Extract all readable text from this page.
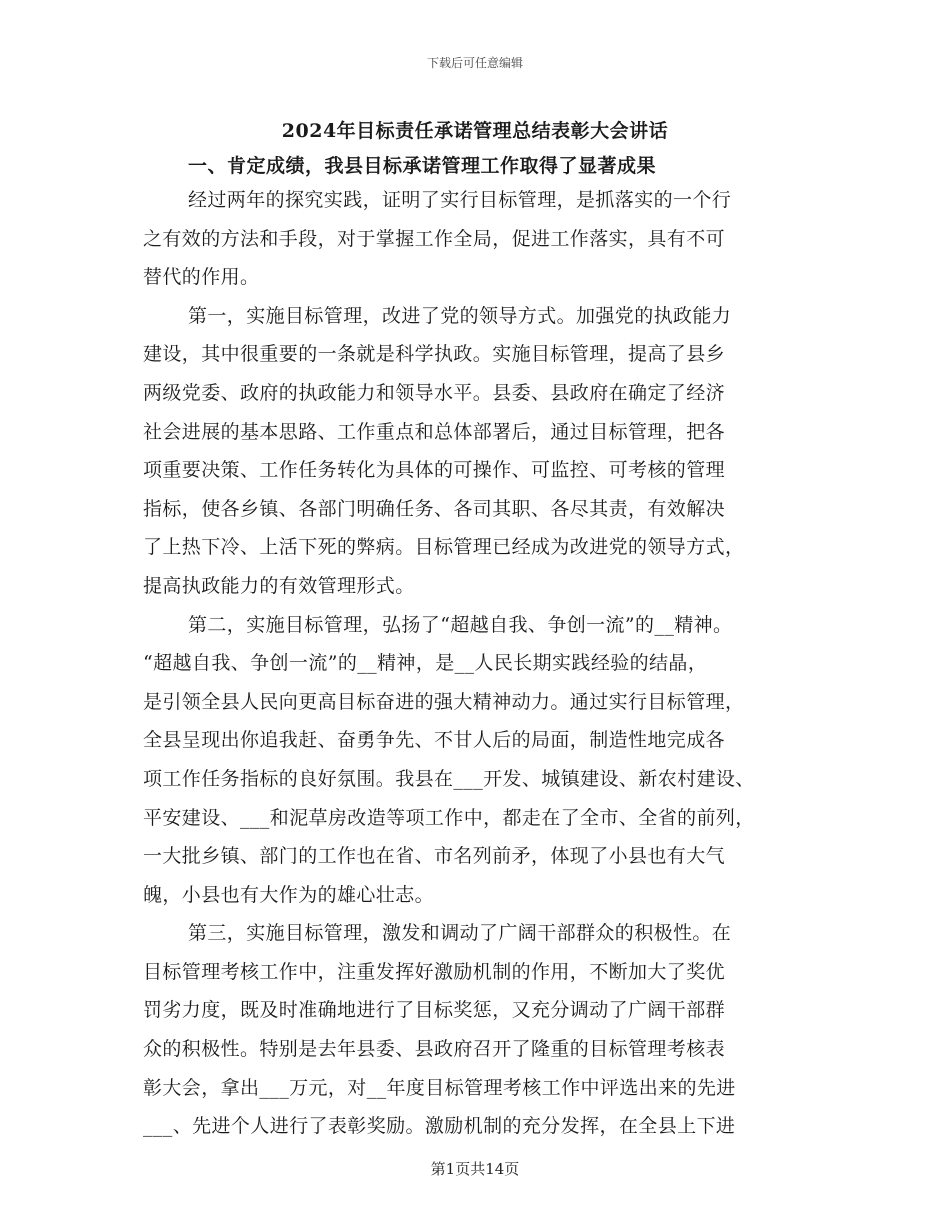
下载后可任意编辑
2024年目标责任承诺管理总结表彰大会讲话
一、肯定成绩，我县目标承诺管理工作取得了显著成果
经过两年的探究实践，证明了实行目标管理，是抓落实的一个行
之有效的方法和手段，对于掌握工作全局，促进工作落实，具有不可
替代的作用。
第一，实施目标管理，改进了党的领导方式。加强党的执政能力
建设，其中很重要的一条就是科学执政。实施目标管理，提高了县乡
两级党委、政府的执政能力和领导水平。县委、县政府在确定了经济
社会进展的基本思路、工作重点和总体部署后，通过目标管理，把各
项重要决策、工作任务转化为具体的可操作、可监控、可考核的管理
指标，使各乡镇、各部门明确任务、各司其职、各尽其责，有效解决
了上热下冷、上活下死的弊病。目标管理已经成为改进党的领导方式，
提高执政能力的有效管理形式。
第二，实施目标管理，弘扬了“超越自我、争创一流”的__精神。
“超越自我、争创一流”的__精神，是__人民长期实践经验的结晶，
是引领全县人民向更高目标奋进的强大精神动力。通过实行目标管理，
全县呈现出你追我赶、奋勇争先、不甘人后的局面，制造性地完成各
项工作任务指标的良好氛围。我县在___开发、城镇建设、新农村建设、
平安建设、___和泥草房改造等项工作中，都走在了全市、全省的前列，
一大批乡镇、部门的工作也在省、市名列前矛，体现了小县也有大气
魄，小县也有大作为的雄心壮志。
第三，实施目标管理，激发和调动了广阔干部群众的积极性。在
目标管理考核工作中，注重发挥好激励机制的作用，不断加大了奖优
罚劣力度，既及时准确地进行了目标奖惩，又充分调动了广阔干部群
众的积极性。特别是去年县委、县政府召开了隆重的目标管理考核表
彰大会，拿出___万元，对__年度目标管理考核工作中评选出来的先进
___、先进个人进行了表彰奖励。激励机制的充分发挥，在全县上下进
第1页共14页
